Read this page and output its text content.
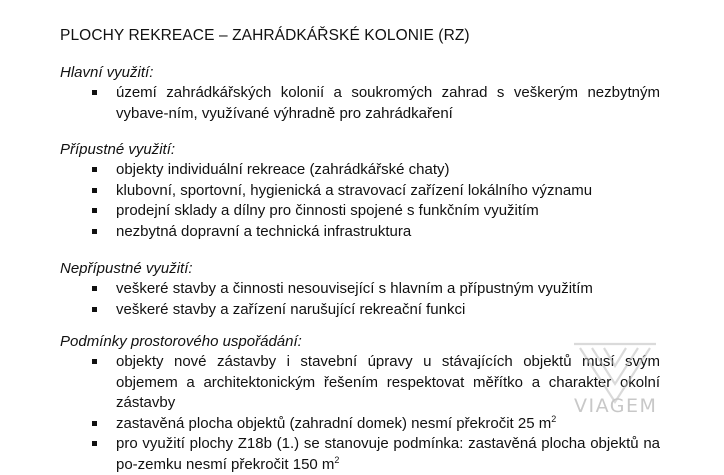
PLOCHY REKREACE – ZAHRÁDKÁŘSKÉ KOLONIE (RZ)
Hlavní využití:
území zahrádkářských kolonií a soukromých zahrad s veškerým nezbytným vybave-ním, využívané výhradně pro zahrádkaření
Přípustné využití:
objekty individuální rekreace (zahrádkářské chaty)
klubovní, sportovní, hygienická a stravovací zařízení lokálního významu
prodejní sklady a dílny pro činnosti spojené s funkčním využitím
nezbytná dopravní a technická infrastruktura
Nepřípustné využití:
veškeré stavby a činnosti nesouvisející s hlavním a přípustným využitím
veškeré stavby a zařízení narušující rekreační funkci
Podmínky prostorového uspořádání:
objekty nové zástavby i stavební úpravy u stávajících objektů musí svým objemem a architektonickým řešením respektovat měřítko a charakter okolní zástavby
zastavěná plocha objektů (zahradní domek) nesmí překročit 25 $m^2$
pro využití plochy Z18b (1.) se stanovuje podmínka: zastavěná plocha objektů na po-zemku nesmí překročit 150 $m^2$
VIAGEM
